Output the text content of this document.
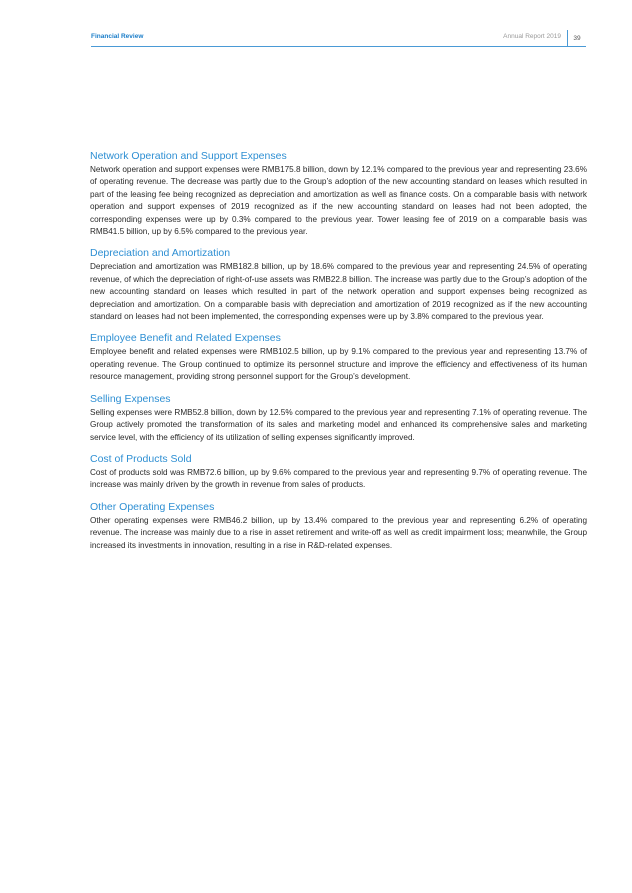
Financial Review	Annual Report 2019	39
Network Operation and Support Expenses

Network operation and support expenses were RMB175.8 billion, down by 12.1% compared to the previous year and representing 23.6% of operating revenue. The decrease was partly due to the Group’s adoption of the new accounting standard on leases which resulted in part of the leasing fee being recognized as depreciation and amortization as well as finance costs. On a comparable basis with network operation and support expenses of 2019 recognized as if the new accounting standard on leases had not been adopted, the corresponding expenses were up by 0.3% compared to the previous year. Tower leasing fee of 2019 on a comparable basis was RMB41.5 billion, up by 6.5% compared to the previous year.

Depreciation and Amortization

Depreciation and amortization was RMB182.8 billion, up by 18.6% compared to the previous year and representing 24.5% of operating revenue, of which the depreciation of right-of-use assets was RMB22.8 billion. The increase was partly due to the Group’s adoption of the new accounting standard on leases which resulted in part of the network operation and support expenses being recognized as depreciation and amortization. On a comparable basis with depreciation and amortization of 2019 recognized as if the new accounting standard on leases had not been implemented, the corresponding expenses were up by 3.8% compared to the previous year.

Employee Benefit and Related Expenses

Employee benefit and related expenses were RMB102.5 billion, up by 9.1% compared to the previous year and representing 13.7% of operating revenue. The Group continued to optimize its personnel structure and improve the efficiency and effectiveness of its human resource management, providing strong personnel support for the Group’s development.

Selling Expenses

Selling expenses were RMB52.8 billion, down by 12.5% compared to the previous year and representing 7.1% of operating revenue. The Group actively promoted the transformation of its sales and marketing model and enhanced its comprehensive sales and marketing service level, with the efficiency of its utilization of selling expenses significantly improved.

Cost of Products Sold

Cost of products sold was RMB72.6 billion, up by 9.6% compared to the previous year and representing 9.7% of operating revenue. The increase was mainly driven by the growth in revenue from sales of products.

Other Operating Expenses

Other operating expenses were RMB46.2 billion, up by 13.4% compared to the previous year and representing 6.2% of operating revenue. The increase was mainly due to a rise in asset retirement and write-off as well as credit impairment loss; meanwhile, the Group increased its investments in innovation, resulting in a rise in R&D-related expenses.
